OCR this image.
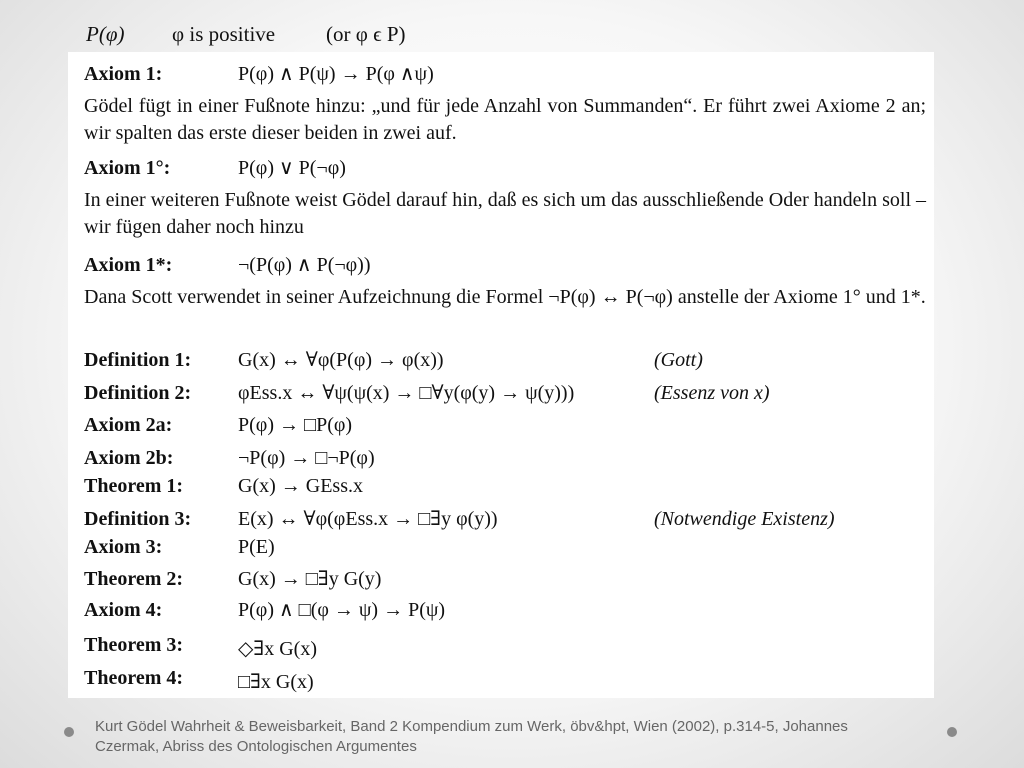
P(φ) φ is positive (or φ ϵ P)
Axiom 1:	P(φ) ∧ P(ψ) → P(φ ∧ψ)
Gödel fügt in einer Fußnote hinzu: „und für jede Anzahl von Summanden“. Er führt zwei Axiome 2 an; wir spalten das erste dieser beiden in zwei auf.
Axiom 1°:	P(φ) ∨ P(¬φ)
In einer weiteren Fußnote weist Gödel darauf hin, daß es sich um das ausschließende Oder handeln soll – wir fügen daher noch hinzu
Axiom 1*:	¬(P(φ) ∧ P(¬φ))
Dana Scott verwendet in seiner Aufzeichnung die Formel ¬P(φ) ↔ P(¬φ) anstelle der Axiome 1° und 1*.
Definition 1: G(x) ↔ ∀φ(P(φ) → φ(x))	(Gott)
Definition 2: φEss.x ↔ ∀ψ(ψ(x) → □∀y(φ(y) → ψ(y)))	(Essenz von x)
Axiom 2a:	P(φ) → □P(φ)
Axiom 2b:	¬P(φ) → □¬P(φ)
Theorem 1:	G(x) → GEss.x
Definition 3: E(x) ↔ ∀φ(φEss.x → □∃y φ(y))	(Notwendige Existenz)
Axiom 3:	P(E)
Theorem 2:	G(x) → □∃y G(y)
Axiom 4:	P(φ) ∧ □(φ → ψ) → P(ψ)
Theorem 3:	◇∃x G(x)
Theorem 4:	□∃x G(x)
Kurt Gödel Wahrheit & Beweisbarkeit, Band 2 Kompendium zum Werk, öbv&hpt, Wien (2002), p.314-5, Johannes Czermak, Abriss des Ontologischen Argumentes
